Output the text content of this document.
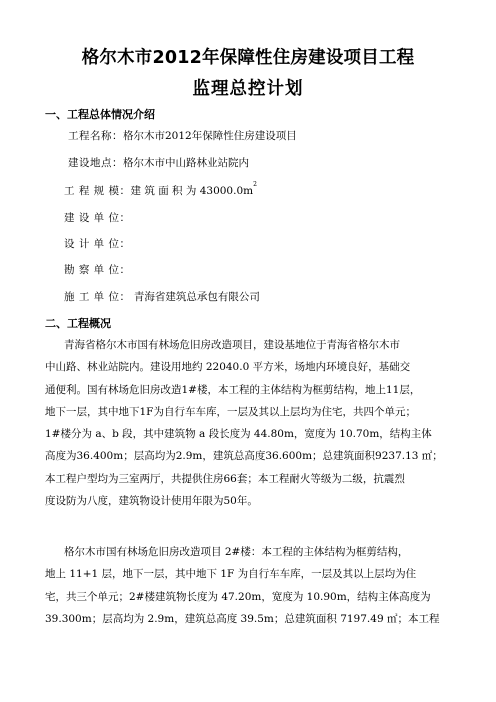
格尔木市2012年保障性住房建设项目工程
监理总控计划
一、工程总体情况介绍
工程名称：格尔木市2012年保障性住房建设项目
建设地点：格尔木市中山路林业站院内
工 程 规 模：建 筑 面 积 为 $43000.0m^2$
建 设 单 位：
设 计 单 位：
勘 察 单 位：
施 工 单 位： 青海省建筑总承包有限公司
二、工程概况
青海省格尔木市国有林场危旧房改造项目，建设基地位于青海省格尔木市
中山路、林业站院内。建设用地约 22040.0 平方米，场地内环境良好，基础交
通便利。国有林场危旧房改造1#楼，本工程的主体结构为框剪结构，地上11层，
地下一层，其中地下1F为自行车车库，一层及其以上层均为住宅，共四个单元；
1#楼分为 a、b 段，其中建筑物 a 段长度为 44.80m，宽度为 10.70m，结构主体
高度为36.400m；层高均为2.9m，建筑总高度36.600m；总建筑面积9237.13 ㎡；
本工程户型均为三室两厅，共提供住房66套；本工程耐火等级为二级，抗震烈
度设防为八度，建筑物设计使用年限为50年。
格尔木市国有林场危旧房改造项目 2#楼：本工程的主体结构为框剪结构，
地上 11+1 层，地下一层，其中地下 1F 为自行车车库，一层及其以上层均为住
宅，共三个单元；2#楼建筑物长度为 47.20m，宽度为 10.90m，结构主体高度为
39.300m；层高均为 2.9m，建筑总高度 39.5m；总建筑面积 7197.49 ㎡；本工程
